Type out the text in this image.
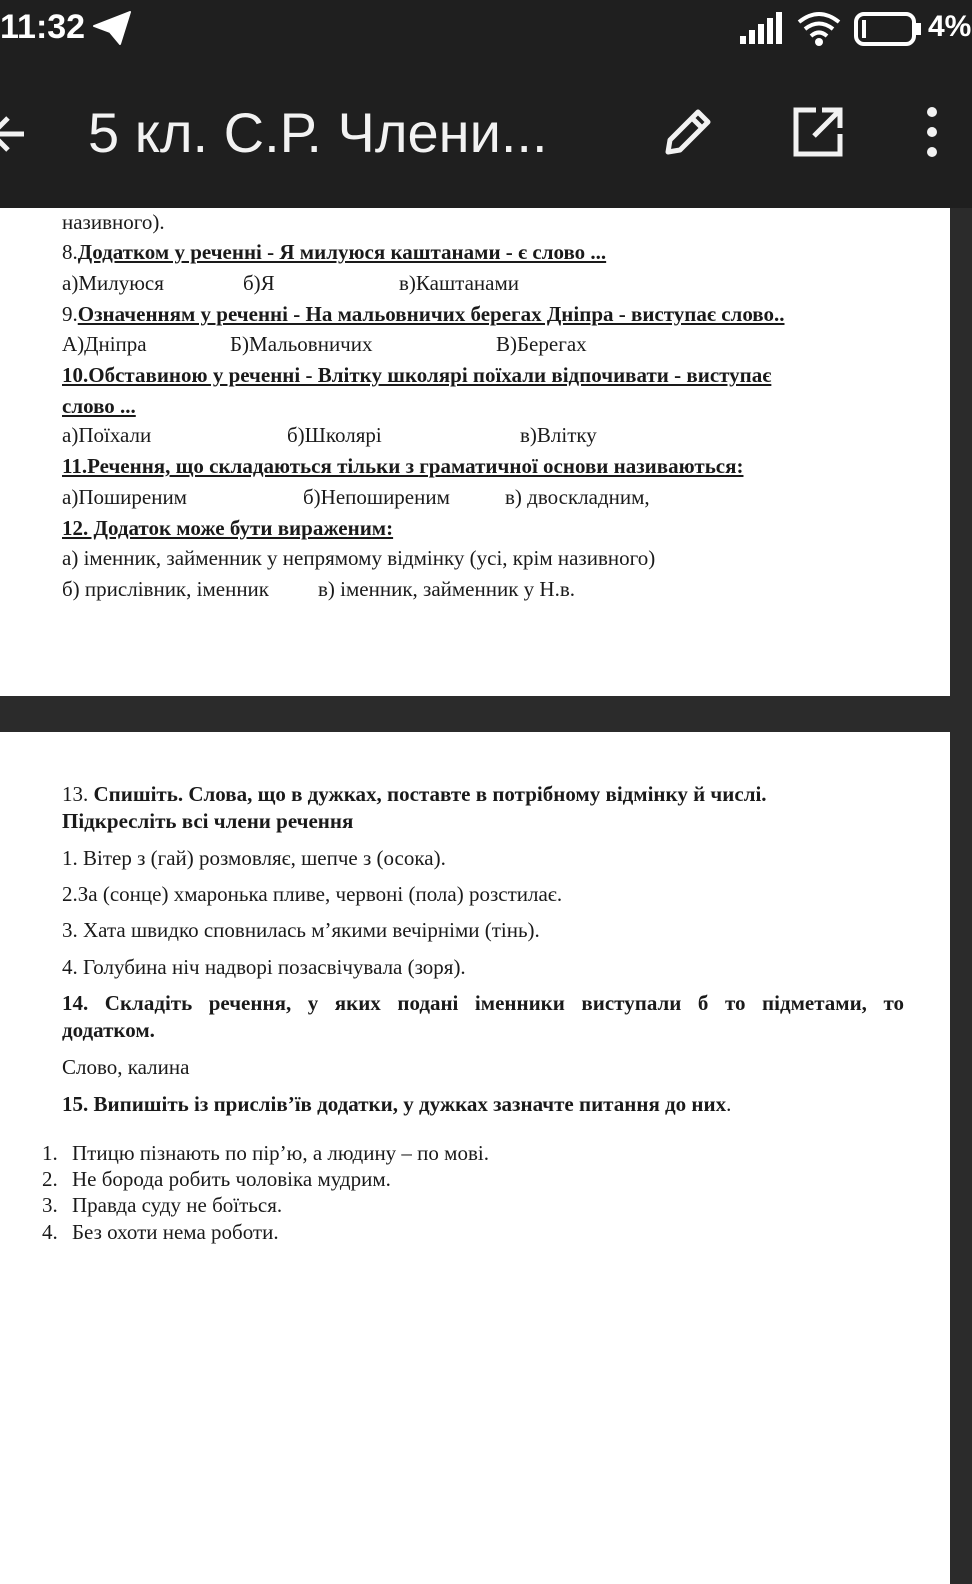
11:32	4%
5 кл. С.Р. Члени...
називного).
8.Додатком у реченні - Я милуюся каштанами - є слово ...
а)Милуюся	б)Я	в)Каштанами
9.Означенням у реченні - На мальовничих берегах Дніпра - виступає слово..
А)Дніпра	Б)Мальовничих	В)Берегах
10.Обставиною у реченні - Влітку школярі поїхали відпочивати - виступає
слово ...
а)Поїхали	б)Школярі	в)Влітку
11.Речення, що складаються тільки з граматичної основи називаються:
а)Поширеним	б)Непоширеним	в) двоскладним,
12. Додаток може бути вираженим:
а) іменник, займенник у непрямому відмінку (усі, крім називного)
б) прислівник, іменник в) іменник, займенник у Н.в.
13. Спишіть. Слова, що в дужках, поставте в потрібному відмінку й числі.
Підкресліть всі члени речення
1. Вітер з (гай) розмовляє, шепче з (осока).
2.За (сонце) хмаронька пливе, червоні (пола) розстилає.
3. Хата швидко сповнилась м’якими вечірніми (тінь).
4. Голубина ніч надворі позасвічувала (зоря).
14. Складіть речення, у яких подані іменники виступали б то підметами, то
додатком.
Слово, калина
15. Випишіть із прислів’їв додатки, у дужках зазначте питання до них.
1. Птицю пізнають по пір’ю, а людину – по мові.
2. Не борода робить чоловіка мудрим.
3. Правда суду не боїться.
4. Без охоти нема роботи.
